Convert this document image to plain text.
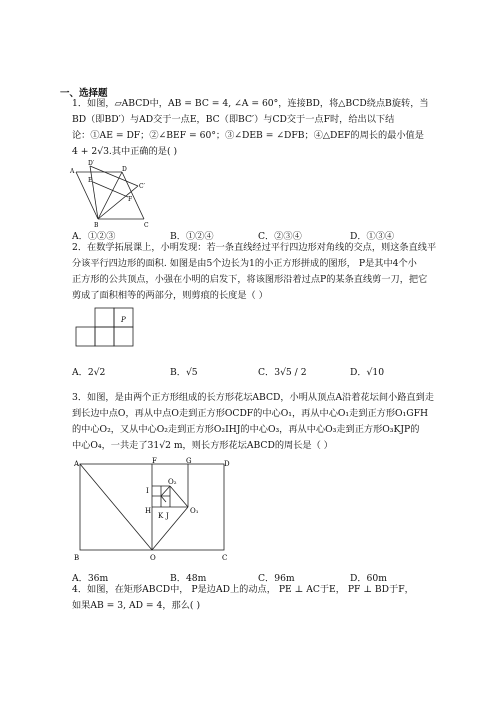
一、选择题
1．如图，▱ABCD中，AB = BC = 4, ∠A = 60°，连接BD，将△BCD绕点B旋转，当
BD（即BD′）与AD交于一点E，BC（即BC′）与CD交于一点F时，给出以下结
论：①AE = DF；②∠BEF = 60°；③∠DEB = ∠DFB；④△DEF的周长的最小值是
4 + 2√3.其中正确的是( )
A
B	C
D
D′
C′
E
F
A．①②③	B．①②④	C．②③④	D．①③④
2．在数学拓展课上，小明发现：若一条直线经过平行四边形对角线的交点，则这条直线平
分该平行四边形的面积. 如图是由5个边长为1的小正方形拼成的图形， P是其中4个小
正方形的公共顶点，小强在小明的启发下，将该图形沿着过点P的某条直线剪一刀，把它
剪成了面积相等的两部分，则剪痕的长度是（ ）
P
A．2√2	B．√5	C．3√5 / 2	D．√10
3．如图，是由两个正方形组成的长方形花坛ABCD，小明从顶点A沿着花坛间小路直到走
到长边中点O，再从中点O走到正方形OCDF的中心O₁，再从中心O₁走到正方形O₁GFH
的中心O₂，又从中心O₂走到正方形O₂IHJ的中心O₃，再从中心O₃走到正方形O₃KJP的
中心O₄，一共走了31√2 m，则长方形花坛ABCD的周长是（ ）
A
B	C
D
F	G
O
O₁
O₂
I
H
K J
A．36m	B．48m	C．96m	D．60m
4．如图，在矩形ABCD中， P是边AD上的动点， PE ⊥ AC于E， PF ⊥ BD于F，
如果AB = 3, AD = 4，那么( )
